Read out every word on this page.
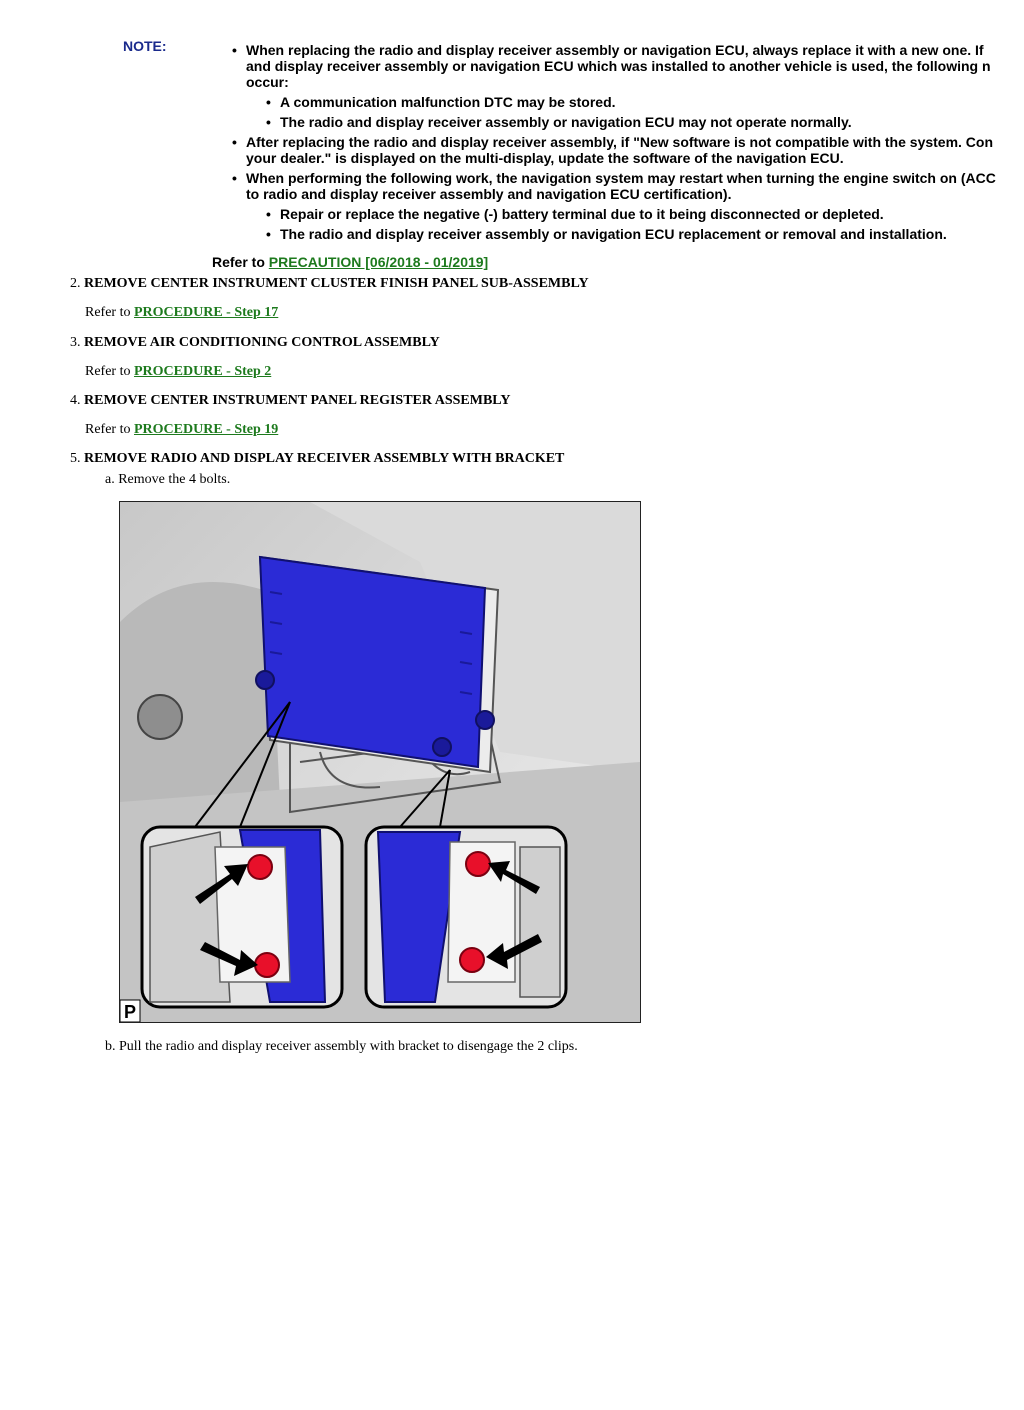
NOTE:
•	When replacing the radio and display receiver assembly or navigation ECU, always replace it with a new one. If
and display receiver assembly or navigation ECU which was installed to another vehicle is used, the following n
occur:
• A communication malfunction DTC may be stored.
• The radio and display receiver assembly or navigation ECU may not operate normally.
• After replacing the radio and display receiver assembly, if "New software is not compatible with the system. Con
your dealer." is displayed on the multi-display, update the software of the navigation ECU.
• When performing the following work, the navigation system may restart when turning the engine switch on (ACC
to radio and display receiver assembly and navigation ECU certification).
• Repair or replace the negative (-) battery terminal due to it being disconnected or depleted.
• The radio and display receiver assembly or navigation ECU replacement or removal and installation.
Refer to PRECAUTION [06/2018 - 01/2019]
2. REMOVE CENTER INSTRUMENT CLUSTER FINISH PANEL SUB-ASSEMBLY
Refer to PROCEDURE - Step 17
3. REMOVE AIR CONDITIONING CONTROL ASSEMBLY
Refer to PROCEDURE - Step 2
4. REMOVE CENTER INSTRUMENT PANEL REGISTER ASSEMBLY
Refer to PROCEDURE - Step 19
5. REMOVE RADIO AND DISPLAY RECEIVER ASSEMBLY WITH BRACKET
a. Remove the 4 bolts.
P
b. Pull the radio and display receiver assembly with bracket to disengage the 2 clips.
